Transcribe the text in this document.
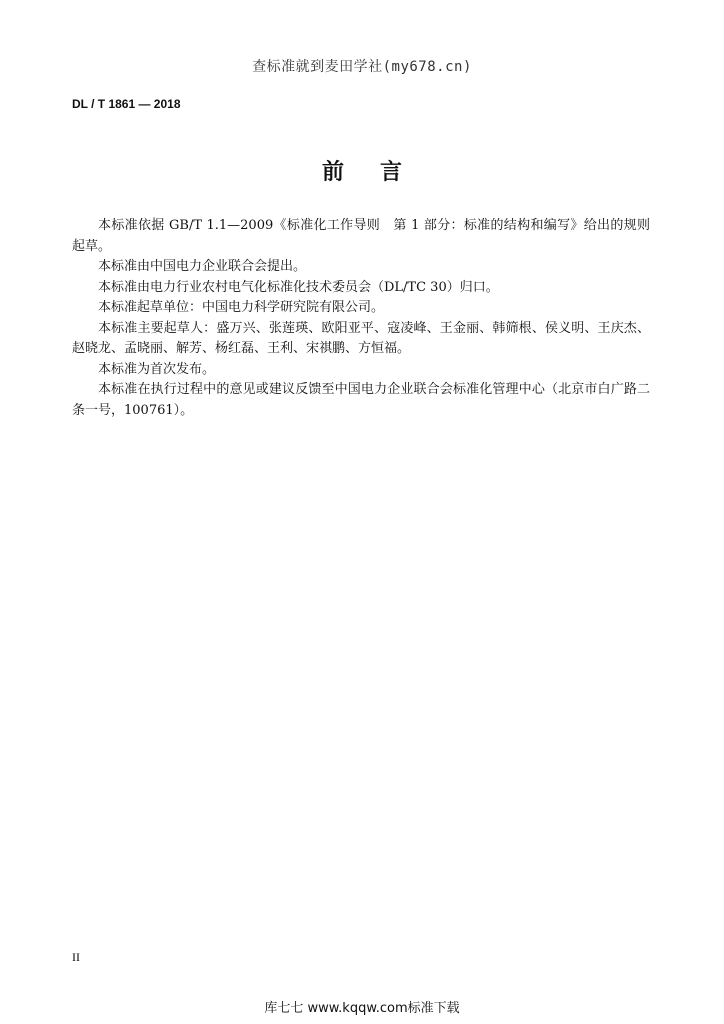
查标准就到麦田学社(my678.cn)
DL / T 1861 — 2018
前言

本标准依据 GB/T 1.1—2009《标准化工作导则　第 1 部分：标准的结构和编写》给出的规则起草。

本标准由中国电力企业联合会提出。

本标准由电力行业农村电气化标准化技术委员会（DL/TC 30）归口。

本标准起草单位：中国电力科学研究院有限公司。

本标准主要起草人：盛万兴、张莲瑛、欧阳亚平、寇凌峰、王金丽、韩筛根、侯义明、王庆杰、赵晓龙、孟晓丽、解芳、杨红磊、王利、宋祺鹏、方恒福。

本标准为首次发布。

本标准在执行过程中的意见或建议反馈至中国电力企业联合会标准化管理中心（北京市白广路二条一号，100761）。

II
库七七 www.kqqw.com标准下载
